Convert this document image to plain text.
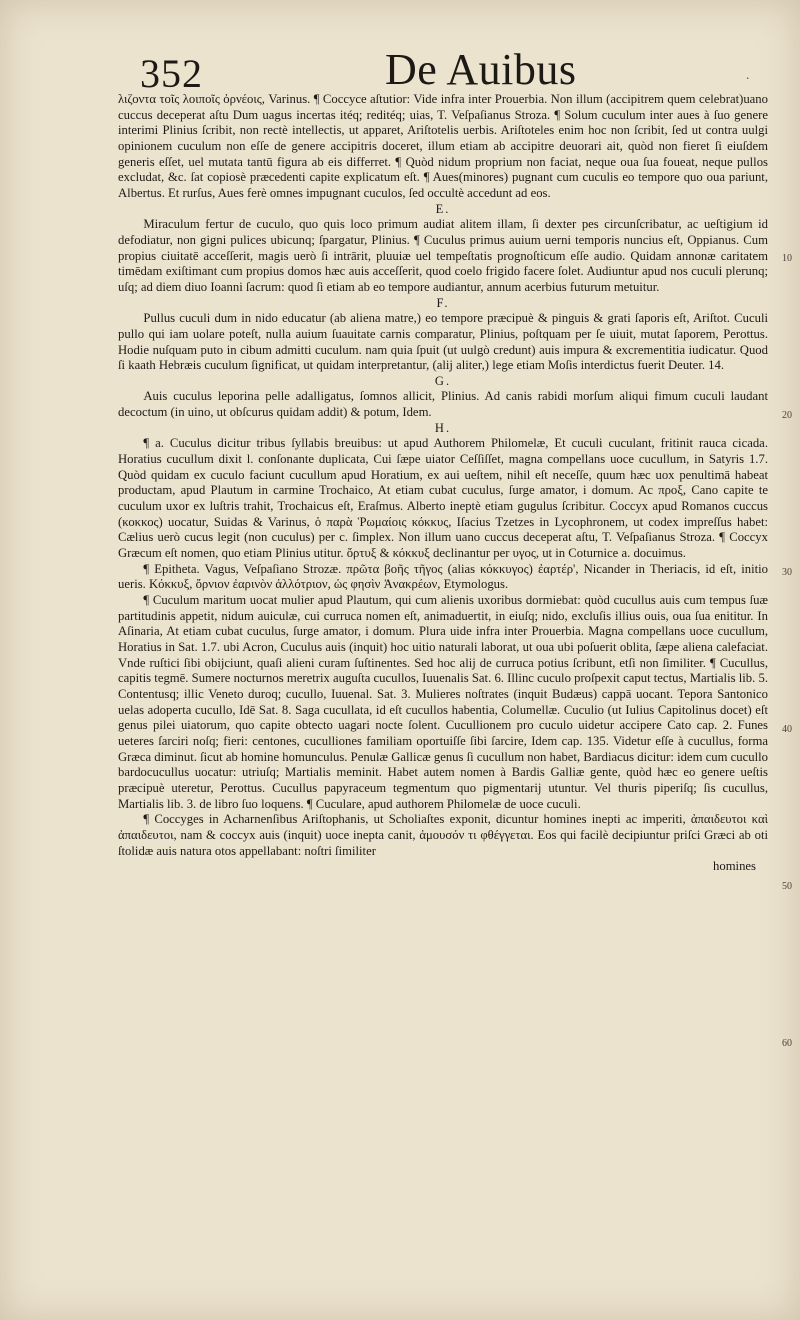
352	De Auibus	·

λιζοντα τοῖς λοιποῖς ὀρνέοις, Varinus. ¶ Coccyce aſtutior: Vide infra inter Prouerbia. Non illum (accipitrem quem celebrat)uano cuccus deceperat aſtu Dum uagus incertas itéq; reditéq; uias, T. Veſpaſianus Stroza. ¶ Solum cuculum inter aues à ſuo genere interimi Plinius ſcribit, non rectè intellectis, ut apparet, Ariſtotelis uerbis. Ariſtoteles enim hoc non ſcribit, ſed ut contra uulgi opinionem cuculum non eſſe de genere accipitris doceret, illum etiam ab accipitre deuorari ait, quòd non fieret ſi eiuſdem generis eſſet, uel mutata tantū figura ab eis differret. ¶ Quòd nidum proprium non faciat, neque oua ſua foueat, neque pullos excludat, &c. ſat copiosè præcedenti capite explicatum eſt. ¶ Aues(minores) pugnant cum cuculis eo tempore quo oua pariunt, Albertus. Et rurſus, Aues ferè omnes impugnant cuculos, ſed occultè accedunt ad eos.

E.

Miraculum fertur de cuculo, quo quis loco primum audiat alitem illam, ſi dexter pes circunſcribatur, ac ueſtigium id defodiatur, non gigni pulices ubicunq; ſpargatur, Plinius. ¶ Cuculus primus auium uerni temporis nuncius eſt, Oppianus. Cum propius ciuitatē acceſſerit, magis uerò ſi intrārit, pluuiæ uel tempeſtatis prognoſticum eſſe audio. Quidam annonæ caritatem timēdam exiſtimant cum propius domos hæc auis acceſſerit, quod coelo frigido facere ſolet. Audiuntur apud nos cuculi plerunq; uſq; ad diem diuo Ioanni ſacrum: quod ſi etiam ab eo tempore audiantur, annum acerbius futurum metuitur.

F.

Pullus cuculi dum in nido educatur (ab aliena matre,) eo tempore præcipuè & pinguis & grati ſaporis eſt, Ariſtot. Cuculi pullo qui iam uolare poteſt, nulla auium ſuauitate carnis comparatur, Plinius, poſtquam per ſe uiuit, mutat ſaporem, Perottus. Hodie nuſquam puto in cibum admitti cuculum. nam quia ſpuit (ut uulgò credunt) auis impura & excrementitia iudicatur. Quod ſi kaath Hebræis cuculum ſignificat, ut quidam interpretantur, (alij aliter,) lege etiam Moſis interdictus fuerit Deuter. 14.

G.

Auis cuculus leporina pelle adalligatus, ſomnos allicit, Plinius. Ad canis rabidi morſum aliqui fimum cuculi laudant decoctum (in uino, ut obſcurus quidam addit) & potum, Idem.

H.

¶ a. Cuculus dicitur tribus ſyllabis breuibus: ut apud Authorem Philomelæ, Et cuculi cuculant, fritinit rauca cicada. Horatius cucullum dixit l. conſonante duplicata, Cui ſæpe uiator Ceſſiſſet, magna compellans uoce cucullum, in Satyris 1.7. Quòd quidam ex cuculo faciunt cucullum apud Horatium, ex aui ueſtem, nihil eſt neceſſe, quum hæc uox penultimā habeat productam, apud Plautum in carmine Trochaico, At etiam cubat cuculus, ſurge amator, i domum. Ac προξ, Cano capite te cuculum uxor ex luſtris trahit, Trochaicus eſt, Eraſmus. Alberto ineptè etiam gugulus ſcribitur. Coccyx apud Romanos cuccus (κοκκος) uocatur, Suidas & Varinus, ὁ παρὰ Ῥωμαίοις κόκκυς, Iſacius Tzetzes in Lycophronem, ut codex impreſſus habet: Cælius uerò cucus legit (non cuculus) per c. ſimplex. Non illum uano cuccus deceperat aſtu, T. Veſpaſianus Stroza. ¶ Coccyx Græcum eſt nomen, quo etiam Plinius utitur. ὄρτυξ & κόκκυξ declinantur per υγος, ut in Coturnice a. docuimus.

¶ Epitheta. Vagus, Veſpaſiano Strozæ. πρῶτα βοῆς τῆγος (alias κόκκυγος) ἐαρτέρ', Nicander in Theriacis, id eſt, initio ueris. Κόκκυξ, ὄρνιον ἐαρινὸν ἀλλότριον, ὡς φησὶν Ἀνακρέων, Etymologus.

¶ Cuculum maritum uocat mulier apud Plautum, qui cum alienis uxoribus dormiebat: quòd cucullus auis cum tempus ſuæ partitudinis appetit, nidum auiculæ, cui curruca nomen eſt, animaduertit, in eiuſq; nido, excluſis illius ouis, oua ſua enititur. In Aſinaria, At etiam cubat cuculus, ſurge amator, i domum. Plura uide infra inter Prouerbia. Magna compellans uoce cucullum, Horatius in Sat. 1.7. ubi Acron, Cuculus auis (inquit) hoc uitio naturali laborat, ut oua ubi poſuerit oblita, ſæpe aliena calefaciat. Vnde ruſtici ſibi obijciunt, quaſi alieni curam ſuſtinentes. Sed hoc alij de curruca potius ſcribunt, etſi non ſimiliter. ¶ Cucullus, capitis tegmē. Sumere nocturnos meretrix auguſta cucullos, Iuuenalis Sat. 6. Illinc cuculo proſpexit caput tectus, Martialis lib. 5. Contentusq; illic Veneto duroq; cucullo, Iuuenal. Sat. 3. Mulieres noſtrates (inquit Budæus) cappā uocant. Tepora Santonico uelas adoperta cucullo, Idē Sat. 8. Saga cucullata, id eſt cucullos habentia, Columellæ. Cuculio (ut Iulius Capitolinus docet) eſt genus pilei uiatorum, quo capite obtecto uagari nocte ſolent. Cucullionem pro cuculo uidetur accipere Cato cap. 2. Funes ueteres ſarciri noſq; fieri: centones, cuculliones familiam oportuiſſe ſibi ſarcire, Idem cap. 135. Videtur eſſe à cucullus, forma Græca diminut. ſicut ab homine homunculus. Penulæ Gallicæ genus ſi cucullum non habet, Bardiacus dicitur: idem cum cucullo bardocucullus uocatur: utriuſq; Martialis meminit. Habet autem nomen à Bardis Galliæ gente, quòd hæc eo genere ueſtis præcipuè uteretur, Perottus. Cucullus papyraceum tegmentum quo pigmentarij utuntur. Vel thuris piperiſq; ſis cucullus, Martialis lib. 3. de libro ſuo loquens. ¶ Cuculare, apud authorem Philomelæ de uoce cuculi.

¶ Coccyges in Acharnenſibus Ariſtophanis, ut Scholiaſtes exponit, dicuntur homines inepti ac imperiti, ἀπαιδευτοι καὶ ἀπαιδευτοι, nam & coccyx auis (inquit) uoce inepta canit, ἀμουσόν τι φθέγγεται. Eos qui facilè decipiuntur priſci Græci ab oti ſtolidæ auis natura otos appellabant: noſtri ſimiliter

homines

10
20
30
40
50
60
